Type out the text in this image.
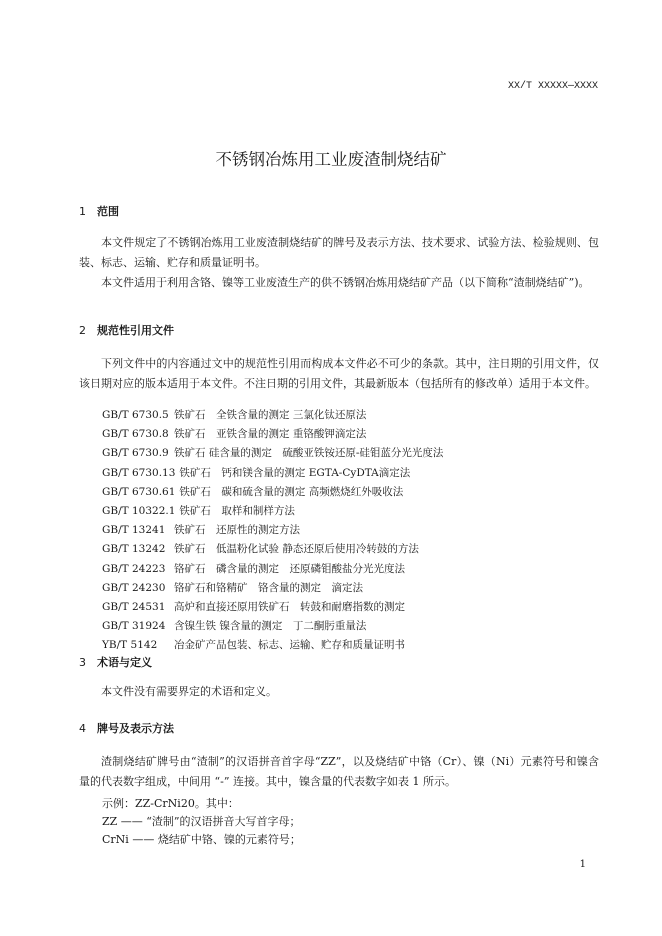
XX/T XXXXX—XXXX
不锈钢冶炼用工业废渣制烧结矿
1 范围

本文件规定了不锈钢冶炼用工业废渣制烧结矿的牌号及表示方法、技术要求、试验方法、检验规则、包装、标志、运输、贮存和质量证明书。

本文件适用于利用含铬、镍等工业废渣生产的供不锈钢冶炼用烧结矿产品（以下简称“渣制烧结矿”)。

2 规范性引用文件

下列文件中的内容通过文中的规范性引用而构成本文件必不可少的条款。其中，注日期的引用文件，仅该日期对应的版本适用于本文件。不注日期的引用文件，其最新版本（包括所有的修改单）适用于本文件。

GB/T 6730.5 铁矿石　全铁含量的测定 三氯化钛还原法
GB/T 6730.8 铁矿石　亚铁含量的测定 重铬酸钾滴定法
GB/T 6730.9 铁矿石 硅含量的测定　硫酸亚铁铵还原-硅钼蓝分光光度法
GB/T 6730.13 铁矿石　钙和镁含量的测定 EGTA-CyDTA滴定法
GB/T 6730.61 铁矿石　碳和硫含量的测定 高频燃烧红外吸收法
GB/T 10322.1 铁矿石　取样和制样方法
GB/T 13241 铁矿石　还原性的测定方法
GB/T 13242 铁矿石　低温粉化试验 静态还原后使用冷转鼓的方法
GB/T 24223 铬矿石　磷含量的测定　还原磷钼酸盐分光光度法
GB/T 24230 铬矿石和铬精矿　铬含量的测定　滴定法
GB/T 24531 高炉和直接还原用铁矿石　转鼓和耐磨指数的测定
GB/T 31924 含镍生铁 镍含量的测定　丁二酮肟重量法
YB/T 5142 冶金矿产品包装、标志、运输、贮存和质量证明书
3 术语与定义

本文件没有需要界定的术语和定义。

4 牌号及表示方法

渣制烧结矿牌号由“渣制”的汉语拼音首字母“ZZ”，以及烧结矿中铬（Cr）、镍（Ni）元素符号和镍含量的代表数字组成，中间用 “-” 连接。其中，镍含量的代表数字如表 1 所示。

示例：ZZ-CrNi20。其中：
ZZ —— “渣制”的汉语拼音大写首字母；
CrNi —— 烧结矿中铬、镍的元素符号；
1
